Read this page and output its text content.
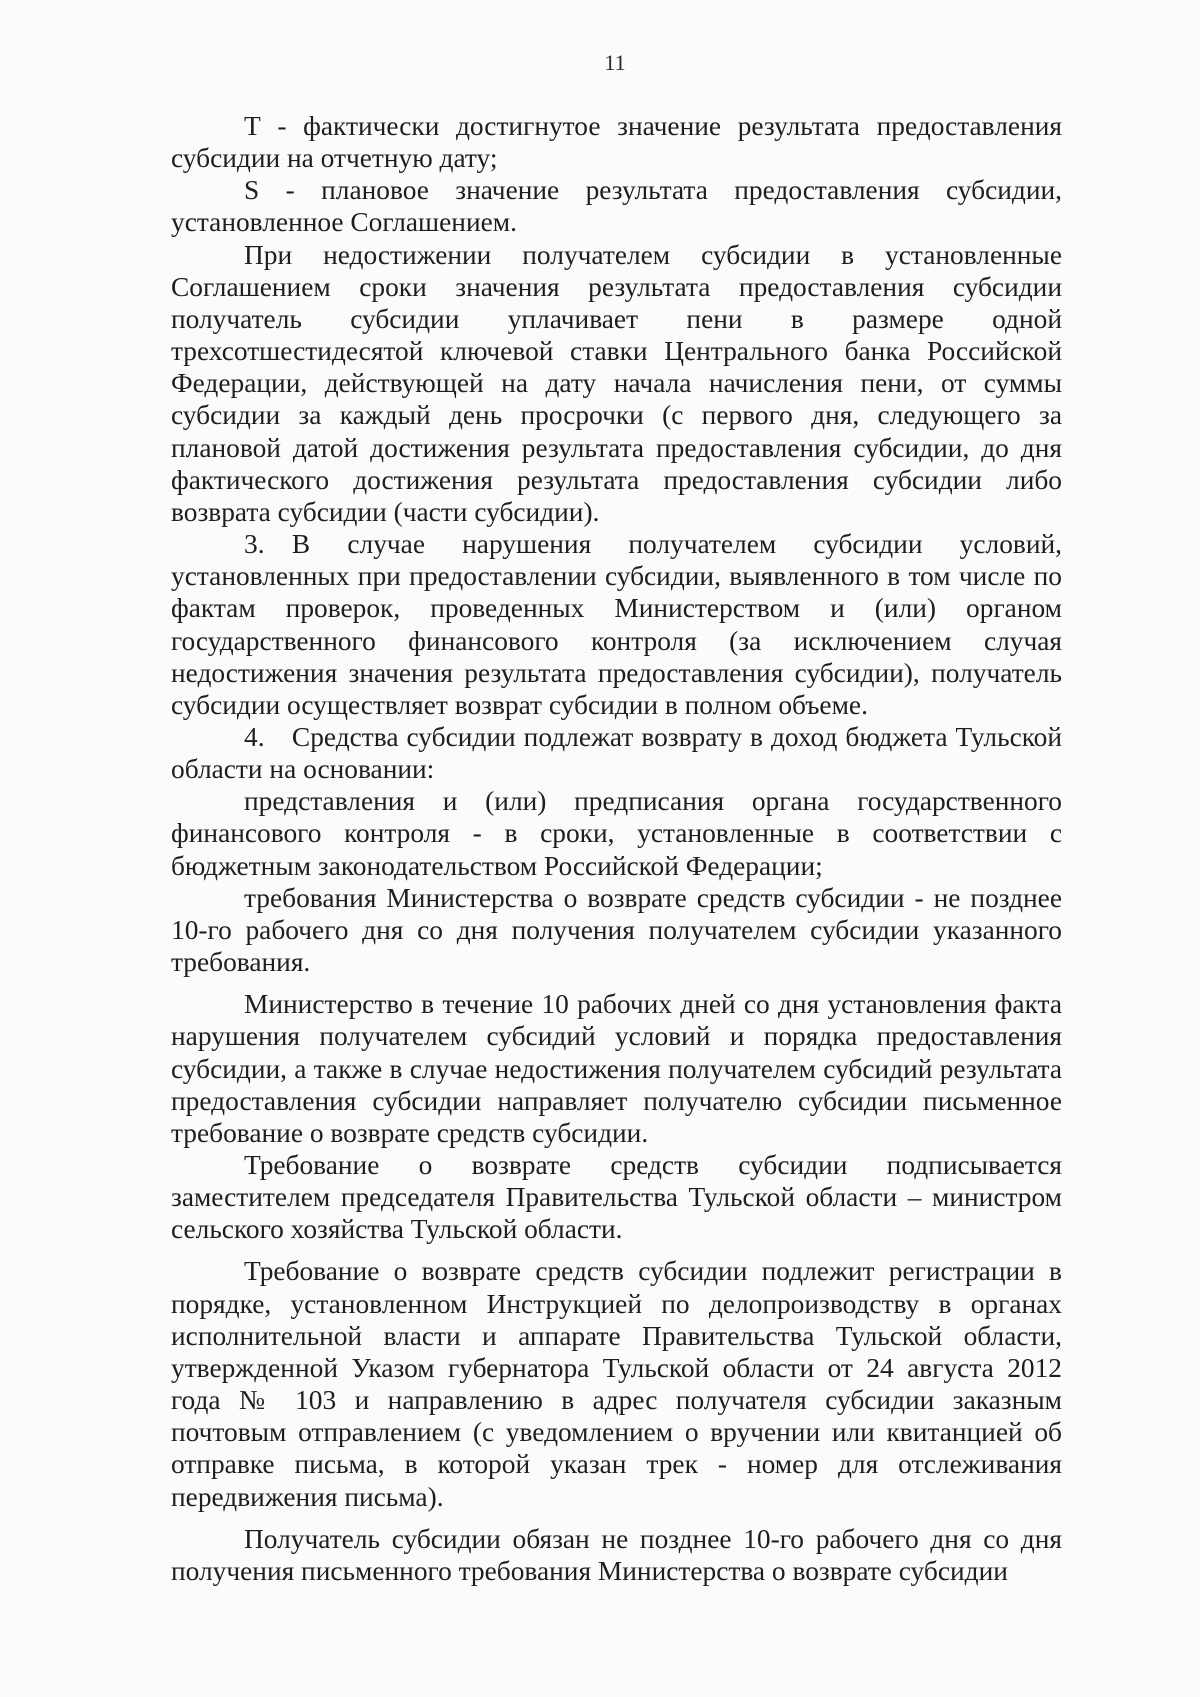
11

Т - фактически достигнутое значение результата предоставления субсидии на отчетную дату;

S - плановое значение результата предоставления субсидии, установленное Соглашением.

При недостижении получателем субсидии в установленные Соглашением сроки значения результата предоставления субсидии получатель субсидии уплачивает пени в размере одной трехсотшестидесятой ключевой ставки Центрального банка Российской Федерации, действующей на дату начала начисления пени, от суммы субсидии за каждый день просрочки (с первого дня, следующего за плановой датой достижения результата предоставления субсидии, до дня фактического достижения результата предоставления субсидии либо возврата субсидии (части субсидии).

3. В случае нарушения получателем субсидии условий, установленных при предоставлении субсидии, выявленного в том числе по фактам проверок, проведенных Министерством и (или) органом государственного финансового контроля (за исключением случая недостижения значения результата предоставления субсидии), получатель субсидии осуществляет возврат субсидии в полном объеме.

4. Средства субсидии подлежат возврату в доход бюджета Тульской области на основании:

представления и (или) предписания органа государственного финансового контроля - в сроки, установленные в соответствии с бюджетным законодательством Российской Федерации;

требования Министерства о возврате средств субсидии - не позднее 10-го рабочего дня со дня получения получателем субсидии указанного требования.

Министерство в течение 10 рабочих дней со дня установления факта нарушения получателем субсидий условий и порядка предоставления субсидии, а также в случае недостижения получателем субсидий результата предоставления субсидии направляет получателю субсидии письменное требование о возврате средств субсидии.

Требование о возврате средств субсидии подписывается заместителем председателя Правительства Тульской области – министром сельского хозяйства Тульской области.

Требование о возврате средств субсидии подлежит регистрации в порядке, установленном Инструкцией по делопроизводству в органах исполнительной власти и аппарате Правительства Тульской области, утвержденной Указом губернатора Тульской области от 24 августа 2012 года № 103 и направлению в адрес получателя субсидии заказным почтовым отправлением (с уведомлением о вручении или квитанцией об отправке письма, в которой указан трек - номер для отслеживания передвижения письма).

Получатель субсидии обязан не позднее 10-го рабочего дня со дня получения письменного требования Министерства о возврате субсидии
